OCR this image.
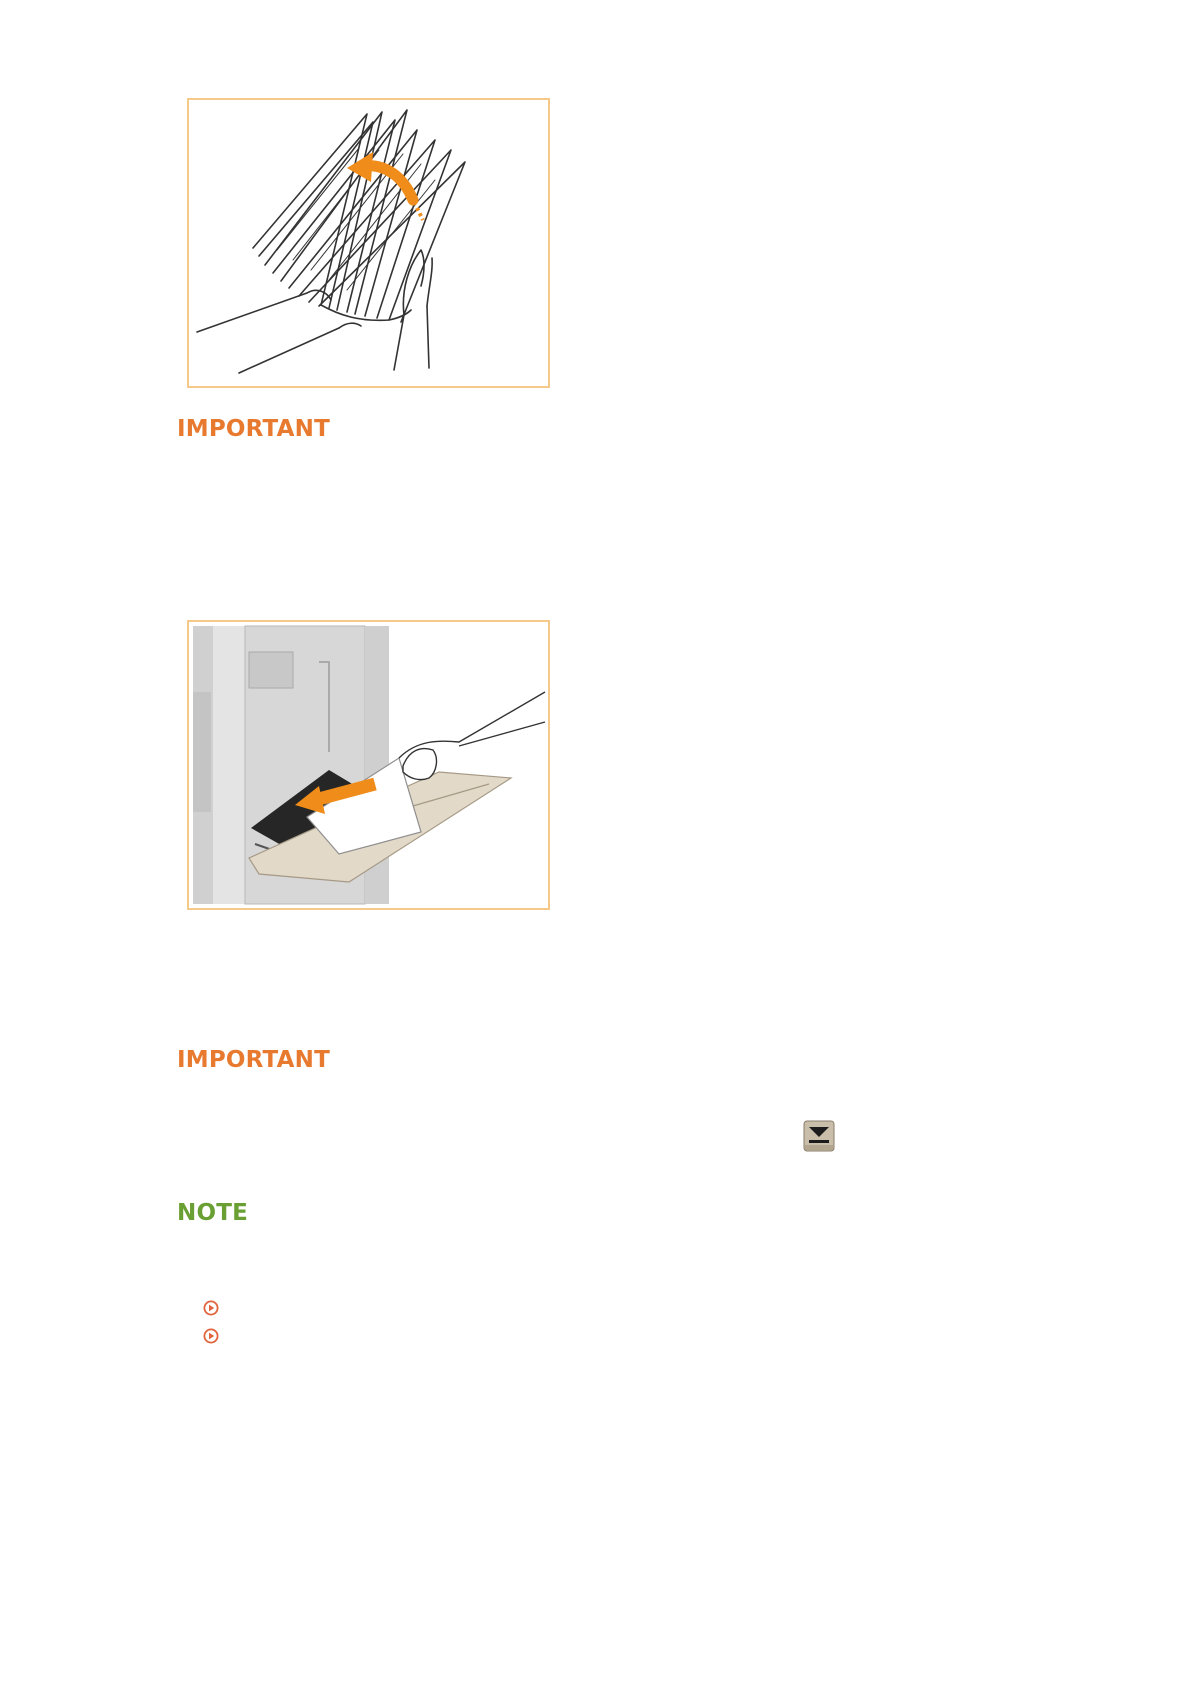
IMPORTANT
IMPORTANT
NOTE
